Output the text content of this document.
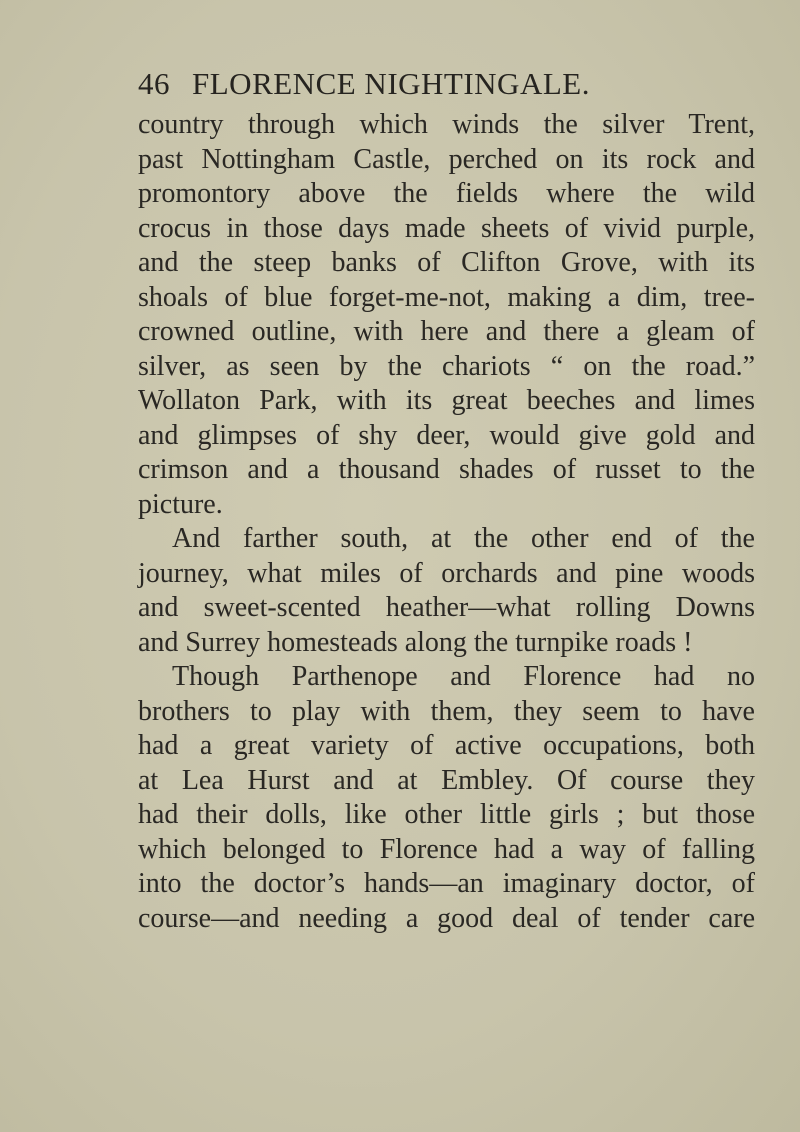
46 FLORENCE NIGHTINGALE.
country through which winds the silver Trent,
past Nottingham Castle, perched on its rock and
promontory above the fields where the wild
crocus in those days made sheets of vivid purple,
and the steep banks of Clifton Grove, with its
shoals of blue forget-me-not, making a dim, tree-
crowned outline, with here and there a gleam of
silver, as seen by the chariots “ on the road.”
Wollaton Park, with its great beeches and limes
and glimpses of shy deer, would give gold and
crimson and a thousand shades of russet to the
picture.
And farther south, at the other end of the
journey, what miles of orchards and pine woods
and sweet-scented heather—what rolling Downs
and Surrey homesteads along the turnpike roads !
Though Parthenope and Florence had no
brothers to play with them, they seem to have
had a great variety of active occupations, both
at Lea Hurst and at Embley. Of course they
had their dolls, like other little girls ; but those
which belonged to Florence had a way of falling
into the doctor’s hands—an imaginary doctor, of
course—and needing a good deal of tender care
